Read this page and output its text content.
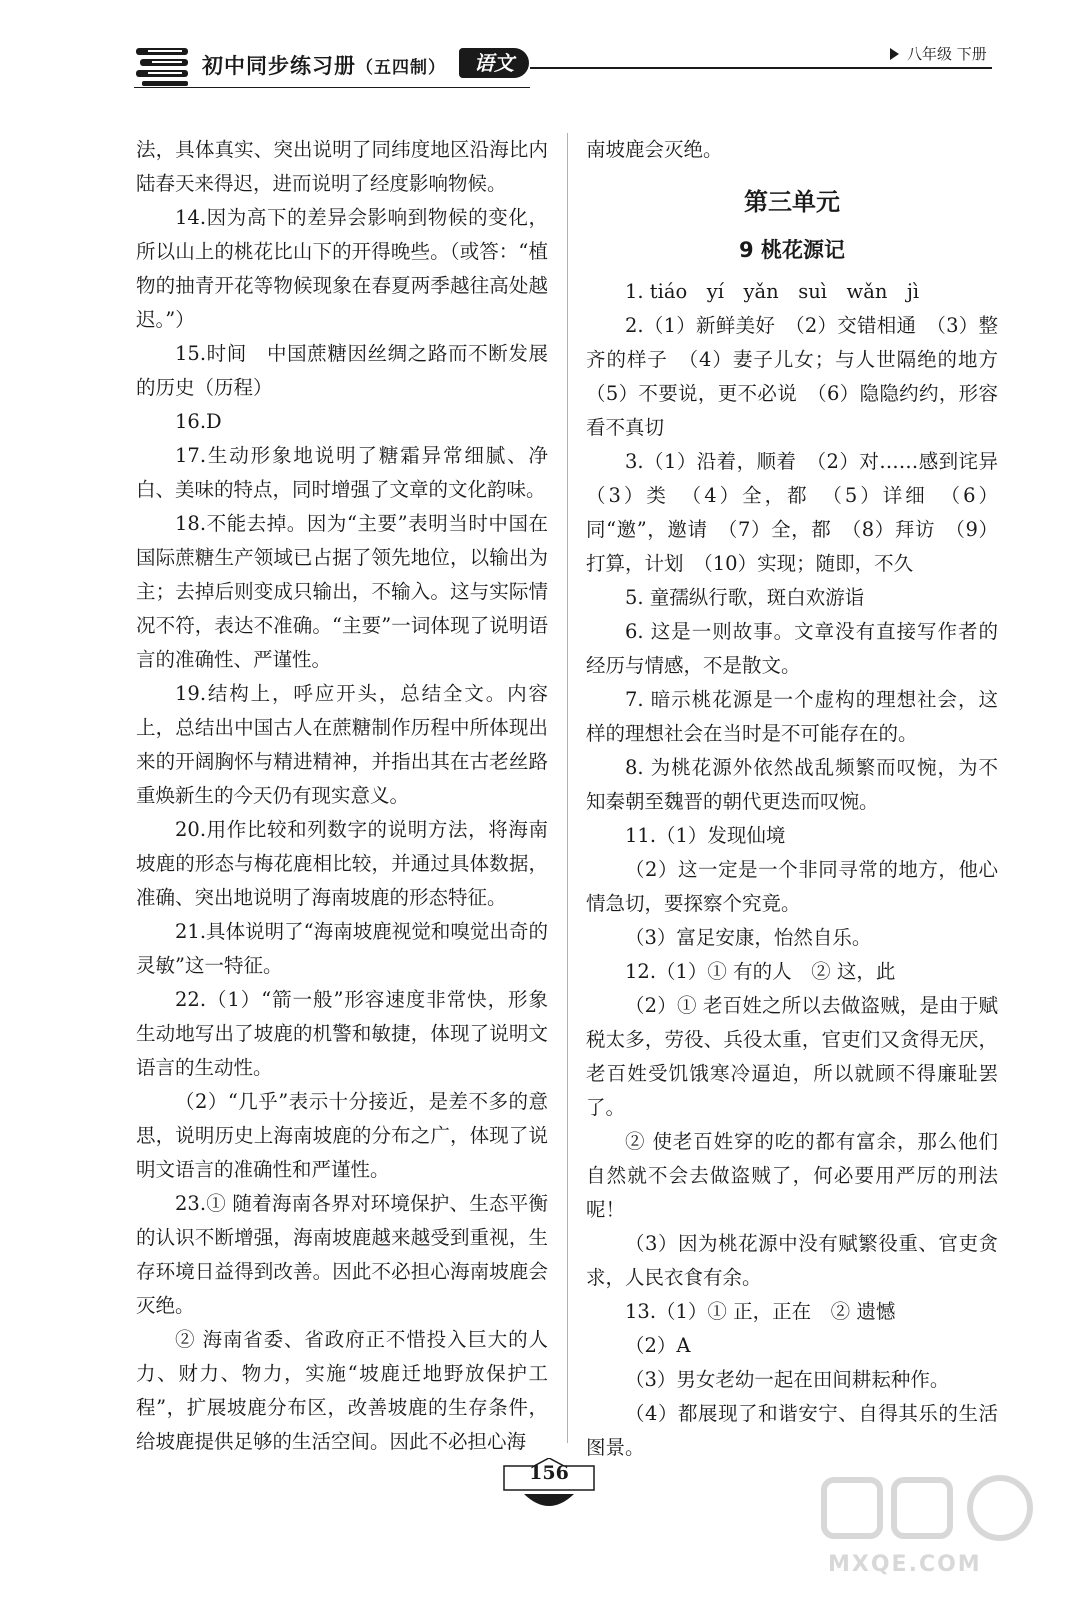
初中同步练习册（五四制）	语文	八年级 下册

法，具体真实、突出说明了同纬度地区沿海比内陆春天来得迟，进而说明了经度影响物候。

14.因为高下的差异会影响到物候的变化，所以山上的桃花比山下的开得晚些。（或答：“植物的抽青开花等物候现象在春夏两季越往高处越迟。”）

15.时间　中国蔗糖因丝绸之路而不断发展的历史（历程）

16.D

17.生动形象地说明了糖霜异常细腻、净白、美味的特点，同时增强了文章的文化韵味。

18.不能去掉。因为“主要”表明当时中国在国际蔗糖生产领域已占据了领先地位，以输出为主；去掉后则变成只输出，不输入。这与实际情况不符，表达不准确。“主要”一词体现了说明语言的准确性、严谨性。

19.结构上，呼应开头，总结全文。内容上，总结出中国古人在蔗糖制作历程中所体现出来的开阔胸怀与精进精神，并指出其在古老丝路重焕新生的今天仍有现实意义。

20.用作比较和列数字的说明方法，将海南坡鹿的形态与梅花鹿相比较，并通过具体数据，准确、突出地说明了海南坡鹿的形态特征。

21.具体说明了“海南坡鹿视觉和嗅觉出奇的灵敏”这一特征。

22.（1）“箭一般”形容速度非常快，形象生动地写出了坡鹿的机警和敏捷，体现了说明文语言的生动性。

（2）“几乎”表示十分接近，是差不多的意思，说明历史上海南坡鹿的分布之广，体现了说明文语言的准确性和严谨性。

23.① 随着海南各界对环境保护、生态平衡的认识不断增强，海南坡鹿越来越受到重视，生存环境日益得到改善。因此不必担心海南坡鹿会灭绝。

② 海南省委、省政府正不惜投入巨大的人力、财力、物力，实施“坡鹿迁地野放保护工程”，扩展坡鹿分布区，改善坡鹿的生存条件，给坡鹿提供足够的生活空间。因此不必担心海

南坡鹿会灭绝。

第三单元
9 桃花源记

1. tiáo　yí　yǎn　suì　wǎn　jì

2.（1）新鲜美好　（2）交错相通　（3）整齐的样子　（4）妻子儿女；与人世隔绝的地方　（5）不要说，更不必说　（6）隐隐约约，形容看不真切

3.（1）沿着，顺着　（2）对……感到诧异　（3）类　（4）全，都　（5）详细　（6）同“邀”，邀请　（7）全，都　（8）拜访　（9）打算，计划　（10）实现；随即，不久

5. 童孺纵行歌，斑白欢游诣

6. 这是一则故事。文章没有直接写作者的经历与情感，不是散文。

7. 暗示桃花源是一个虚构的理想社会，这样的理想社会在当时是不可能存在的。

8. 为桃花源外依然战乱频繁而叹惋，为不知秦朝至魏晋的朝代更迭而叹惋。

11.（1）发现仙境

（2）这一定是一个非同寻常的地方，他心情急切，要探察个究竟。

（3）富足安康，怡然自乐。

12.（1）① 有的人　② 这，此

（2）① 老百姓之所以去做盗贼，是由于赋税太多，劳役、兵役太重，官吏们又贪得无厌，老百姓受饥饿寒冷逼迫，所以就顾不得廉耻罢了。

② 使老百姓穿的吃的都有富余，那么他们自然就不会去做盗贼了，何必要用严厉的刑法呢！

（3）因为桃花源中没有赋繁役重、官吏贪求，人民衣食有余。

13.（1）① 正，正在　② 遗憾

（2）A

（3）男女老幼一起在田间耕耘种作。

（4）都展现了和谐安宁、自得其乐的生活图景。

156
MXQE.COM
